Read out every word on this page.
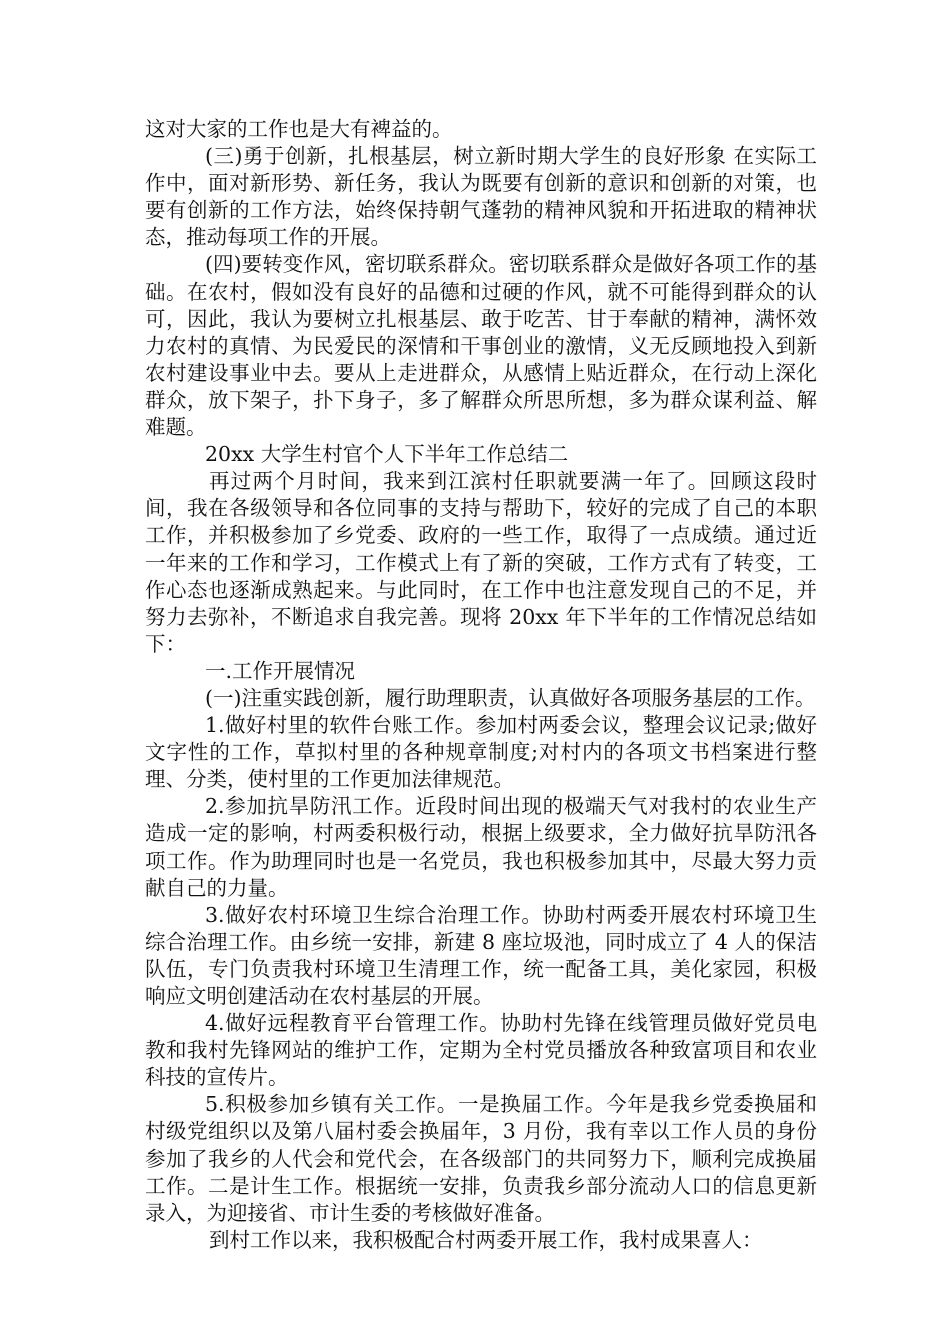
这对大家的工作也是大有裨益的。

(三)勇于创新，扎根基层，树立新时期大学生的良好形象 在实际工作中，面对新形势、新任务，我认为既要有创新的意识和创新的对策，也要有创新的工作方法，始终保持朝气蓬勃的精神风貌和开拓进取的精神状态，推动每项工作的开展。

(四)要转变作风，密切联系群众。密切联系群众是做好各项工作的基础。在农村，假如没有良好的品德和过硬的作风，就不可能得到群众的认可，因此，我认为要树立扎根基层、敢于吃苦、甘于奉献的精神，满怀效力农村的真情、为民爱民的深情和干事创业的激情，义无反顾地投入到新农村建设事业中去。要从上走进群众，从感情上贴近群众，在行动上深化群众，放下架子，扑下身子，多了解群众所思所想，多为群众谋利益、解难题。

20xx 大学生村官个人下半年工作总结二

再过两个月时间，我来到江滨村任职就要满一年了。回顾这段时间，我在各级领导和各位同事的支持与帮助下，较好的完成了自己的本职工作，并积极参加了乡党委、政府的一些工作，取得了一点成绩。通过近一年来的工作和学习，工作模式上有了新的突破，工作方式有了转变，工作心态也逐渐成熟起来。与此同时，在工作中也注意发现自己的不足，并努力去弥补，不断追求自我完善。现将 20xx 年下半年的工作情况总结如下：

一.工作开展情况

(一)注重实践创新，履行助理职责，认真做好各项服务基层的工作。

1.做好村里的软件台账工作。参加村两委会议，整理会议记录;做好文字性的工作，草拟村里的各种规章制度;对村内的各项文书档案进行整理、分类，使村里的工作更加法律规范。

2.参加抗旱防汛工作。近段时间出现的极端天气对我村的农业生产造成一定的影响，村两委积极行动，根据上级要求，全力做好抗旱防汛各项工作。作为助理同时也是一名党员，我也积极参加其中，尽最大努力贡献自己的力量。

3.做好农村环境卫生综合治理工作。协助村两委开展农村环境卫生综合治理工作。由乡统一安排，新建 8 座垃圾池，同时成立了 4 人的保洁队伍，专门负责我村环境卫生清理工作，统一配备工具，美化家园，积极响应文明创建活动在农村基层的开展。

4.做好远程教育平台管理工作。协助村先锋在线管理员做好党员电教和我村先锋网站的维护工作，定期为全村党员播放各种致富项目和农业科技的宣传片。

5.积极参加乡镇有关工作。一是换届工作。今年是我乡党委换届和村级党组织以及第八届村委会换届年，3 月份，我有幸以工作人员的身份参加了我乡的人代会和党代会，在各级部门的共同努力下，顺利完成换届工作。二是计生工作。根据统一安排，负责我乡部分流动人口的信息更新录入，为迎接省、市计生委的考核做好准备。

到村工作以来，我积极配合村两委开展工作，我村成果喜人：
